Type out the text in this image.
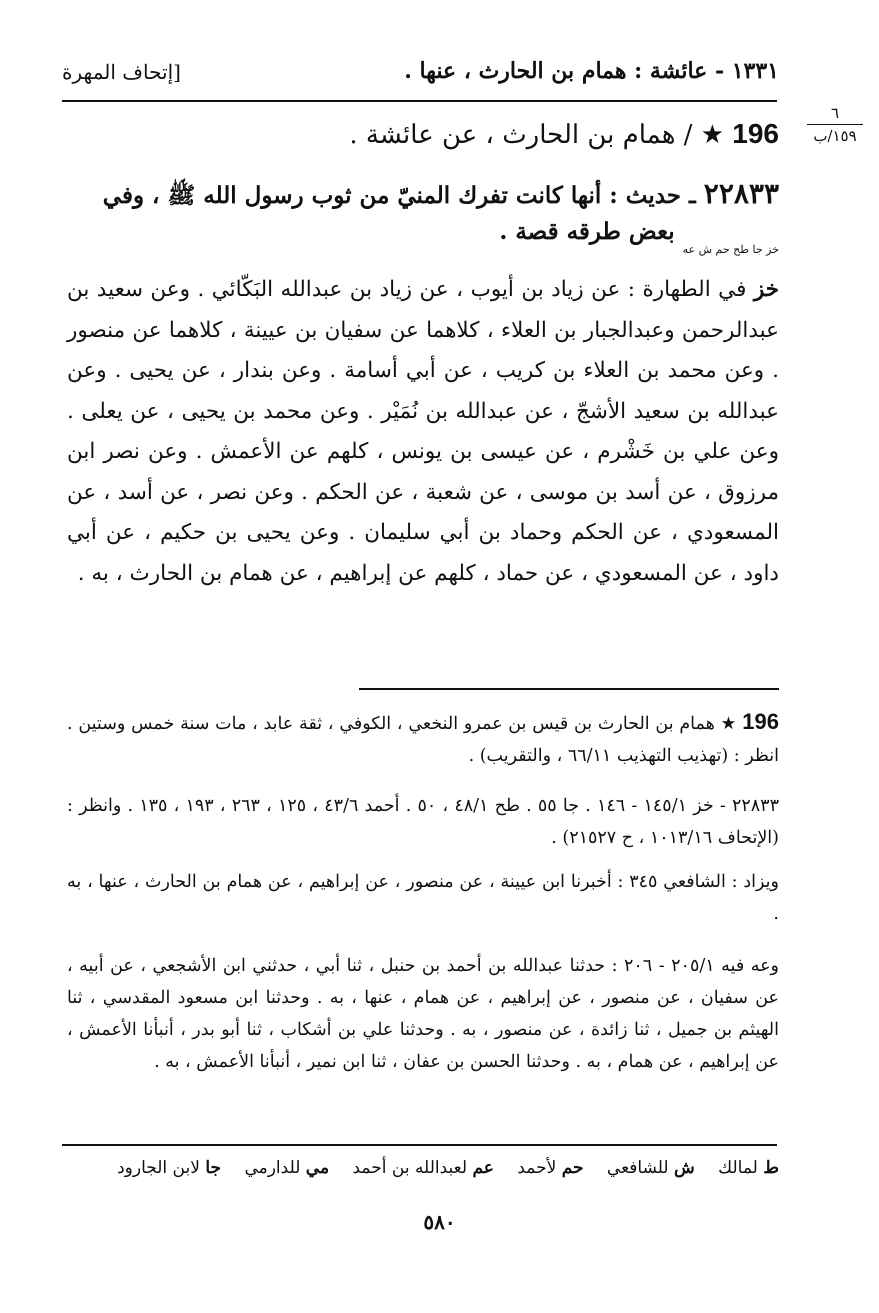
١٣٣١ - عائشة : همام بن الحارث ، عنها .
[إتحاف المهرة
٦
١٥٩/ب
196 ★ / همام بن الحارث ، عن عائشة .
٢٢٨٣٣ ـ حديث : أنها كانت تفرك المنيّ من ثوب رسول الله ﷺ ، وفي
$_{خز جا طح حم ش عه}$ بعض طرقه قصة .
خز في الطهارة : عن زياد بن أيوب ، عن زياد بن عبدالله البَكّائي . وعن سعيد بن عبدالرحمن وعبدالجبار بن العلاء ، كلاهما عن سفيان بن عيينة ، كلاهما عن منصور . وعن محمد بن العلاء بن كريب ، عن أبي أسامة . وعن بندار ، عن يحيى . وعن عبدالله بن سعيد الأشجّ ، عن عبدالله بن نُمَيْر . وعن محمد بن يحيى ، عن يعلى . وعن علي بن خَشْرم ، عن عيسى بن يونس ، كلهم عن الأعمش . وعن نصر ابن مرزوق ، عن أسد بن موسى ، عن شعبة ، عن الحكم . وعن نصر ، عن أسد ، عن المسعودي ، عن الحكم وحماد بن أبي سليمان . وعن يحيى بن حكيم ، عن أبي داود ، عن المسعودي ، عن حماد ، كلهم عن إبراهيم ، عن همام بن الحارث ، به .
196 ★ همام بن الحارث بن قيس بن عمرو النخعي ، الكوفي ، ثقة عابد ، مات سنة خمس وستين . انظر : (تهذيب التهذيب ٦٦/١١ ، والتقريب) .
٢٢٨٣٣ - خز ١٤٥/١ - ١٤٦ . جا ٥٥ . طح ٤٨/١ ، ٥٠ . أحمد ٤٣/٦ ، ١٢٥ ، ٢٦٣ ، ١٩٣ ، ١٣٥ . وانظر : (الإتحاف ١٠١٣/١٦ ، ح ٢١٥٢٧) .
ويزاد : الشافعي ٣٤٥ : أخبرنا ابن عيينة ، عن منصور ، عن إبراهيم ، عن همام بن الحارث ، عنها ، به .
وعه فيه ٢٠٥/١ - ٢٠٦ : حدثنا عبدالله بن أحمد بن حنبل ، ثنا أبي ، حدثني ابن الأشجعي ، عن أبيه ، عن سفيان ، عن منصور ، عن إبراهيم ، عن همام ، عنها ، به . وحدثنا ابن مسعود المقدسي ، ثنا الهيثم بن جميل ، ثنا زائدة ، عن منصور ، به . وحدثنا علي بن أشكاب ، ثنا أبو بدر ، أنبأنا الأعمش ، عن إبراهيم ، عن همام ، به . وحدثنا الحسن بن عفان ، ثنا ابن نمير ، أنبأنا الأعمش ، به .
ط لمالك ش للشافعي حم لأحمد عم لعبدالله بن أحمد مي للدارمي جا لابن الجارود
٥٨٠
